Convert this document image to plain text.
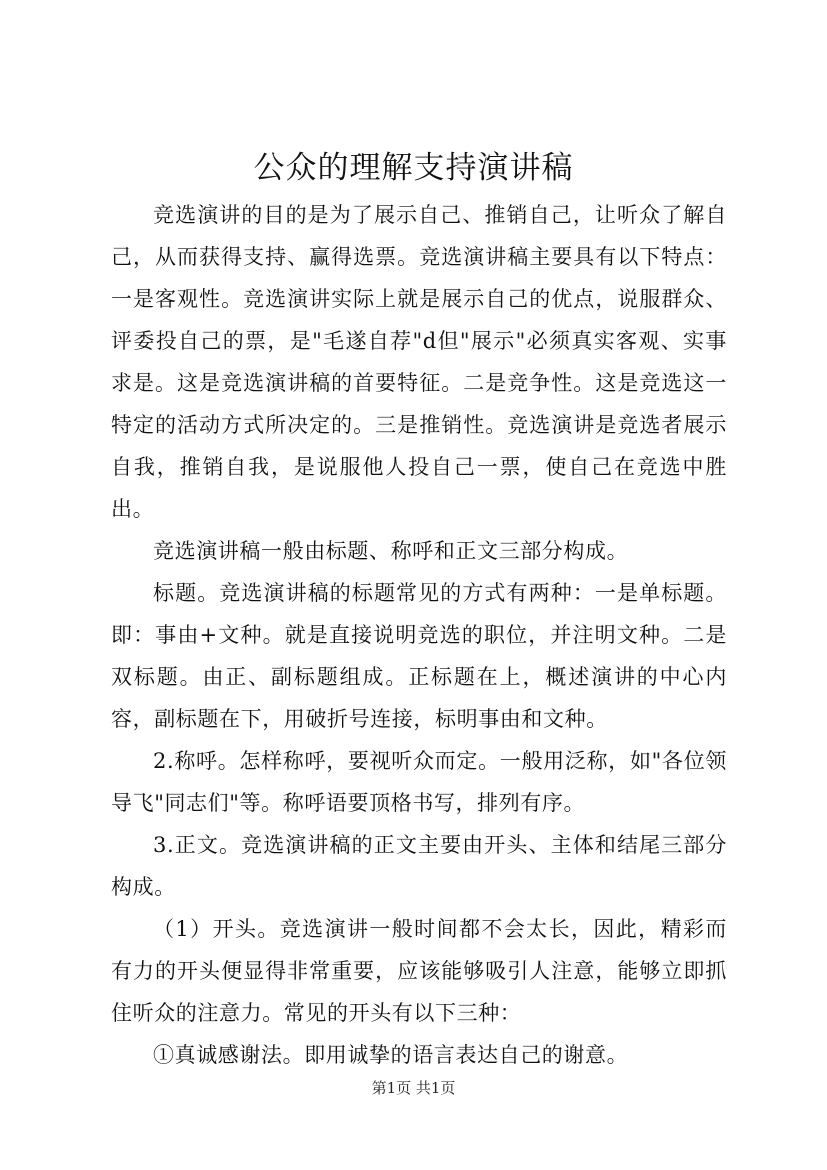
公众的理解支持演讲稿

竞选演讲的目的是为了展示自己、推销自己，让听众了解自己，从而获得支持、赢得选票。竞选演讲稿主要具有以下特点：一是客观性。竞选演讲实际上就是展示自己的优点，说服群众、评委投自己的票，是"毛遂自荐"d但"展示"必须真实客观、实事求是。这是竞选演讲稿的首要特征。二是竞争性。这是竞选这一特定的活动方式所决定的。三是推销性。竞选演讲是竞选者展示自我，推销自我，是说服他人投自己一票，使自己在竞选中胜出。

竞选演讲稿一般由标题、称呼和正文三部分构成。

标题。竞选演讲稿的标题常见的方式有两种：一是单标题。即：事由+文种。就是直接说明竞选的职位，并注明文种。二是双标题。由正、副标题组成。正标题在上，概述演讲的中心内容，副标题在下，用破折号连接，标明事由和文种。

2.称呼。怎样称呼，要视听众而定。一般用泛称，如"各位领导飞"同志们"等。称呼语要顶格书写，排列有序。

3.正文。竞选演讲稿的正文主要由开头、主体和结尾三部分构成。

（1）开头。竞选演讲一般时间都不会太长，因此，精彩而有力的开头便显得非常重要，应该能够吸引人注意，能够立即抓住听众的注意力。常见的开头有以下三种：

①真诚感谢法。即用诚挚的语言表达自己的谢意。

第1页 共1页
